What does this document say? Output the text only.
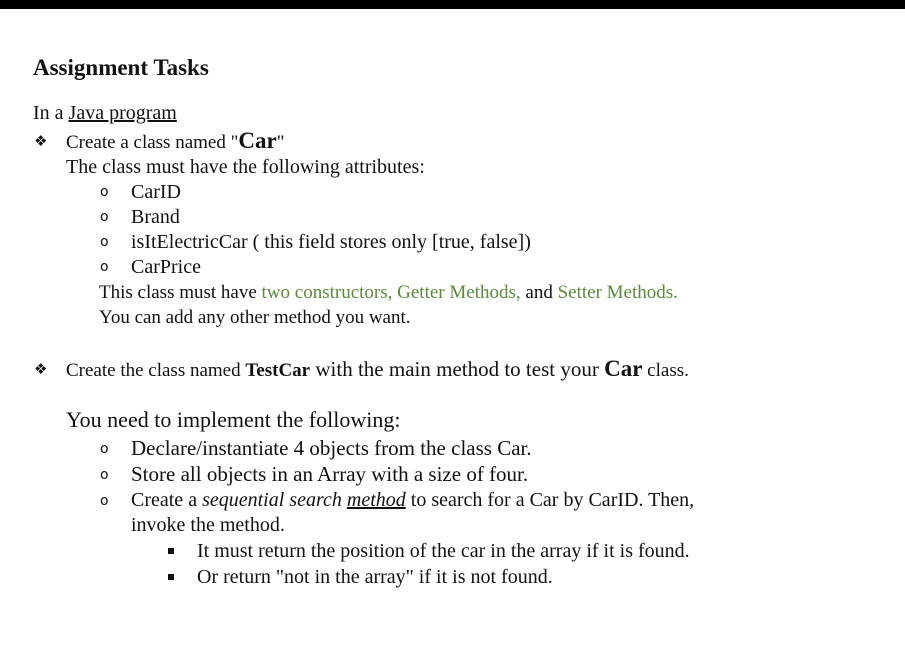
Assignment Tasks
In a Java program
❖ Create a class named "Car"
The class must have the following attributes:
o CarID
o Brand
o isItElectricCar ( this field stores only [true, false])
o CarPrice
This class must have two constructors, Getter Methods, and Setter Methods.
You can add any other method you want.
❖ Create the class named TestCar with the main method to test your Car class.
You need to implement the following:
o Declare/instantiate 4 objects from the class Car.
o Store all objects in an Array with a size of four.
o Create a sequential search method to search for a Car by CarID. Then,
invoke the method.
It must return the position of the car in the array if it is found.
Or return "not in the array" if it is not found.
